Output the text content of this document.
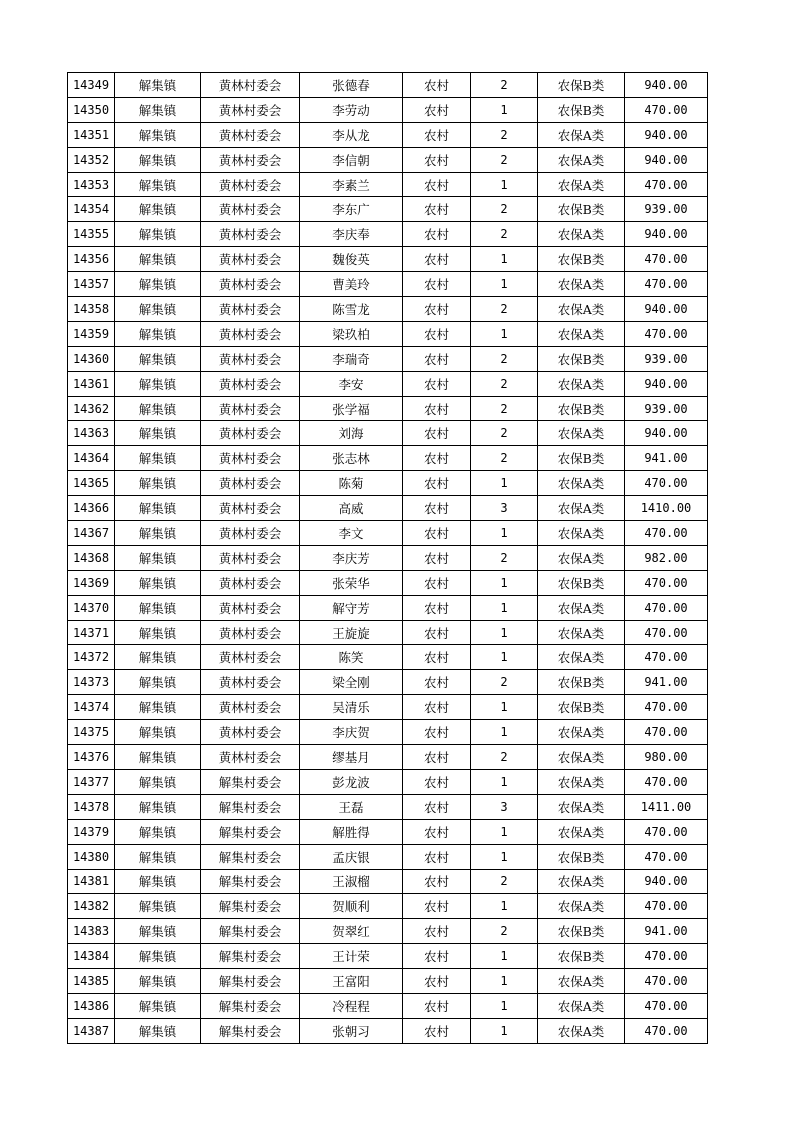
14349	解集镇	黄林村委会	张德春	农村	2	农保B类	940.00
14350	解集镇	黄林村委会	李劳动	农村	1	农保B类	470.00
14351	解集镇	黄林村委会	李从龙	农村	2	农保A类	940.00
14352	解集镇	黄林村委会	李信朝	农村	2	农保A类	940.00
14353	解集镇	黄林村委会	李素兰	农村	1	农保A类	470.00
14354	解集镇	黄林村委会	李东广	农村	2	农保B类	939.00
14355	解集镇	黄林村委会	李庆奉	农村	2	农保A类	940.00
14356	解集镇	黄林村委会	魏俊英	农村	1	农保B类	470.00
14357	解集镇	黄林村委会	曹美玲	农村	1	农保A类	470.00
14358	解集镇	黄林村委会	陈雪龙	农村	2	农保A类	940.00
14359	解集镇	黄林村委会	梁玖柏	农村	1	农保A类	470.00
14360	解集镇	黄林村委会	李瑞奇	农村	2	农保B类	939.00
14361	解集镇	黄林村委会	李安	农村	2	农保A类	940.00
14362	解集镇	黄林村委会	张学福	农村	2	农保B类	939.00
14363	解集镇	黄林村委会	刘海	农村	2	农保A类	940.00
14364	解集镇	黄林村委会	张志林	农村	2	农保B类	941.00
14365	解集镇	黄林村委会	陈菊	农村	1	农保A类	470.00
14366	解集镇	黄林村委会	高威	农村	3	农保A类	1410.00
14367	解集镇	黄林村委会	李文	农村	1	农保A类	470.00
14368	解集镇	黄林村委会	李庆芳	农村	2	农保A类	982.00
14369	解集镇	黄林村委会	张荣华	农村	1	农保B类	470.00
14370	解集镇	黄林村委会	解守芳	农村	1	农保A类	470.00
14371	解集镇	黄林村委会	王旋旋	农村	1	农保A类	470.00
14372	解集镇	黄林村委会	陈笑	农村	1	农保A类	470.00
14373	解集镇	黄林村委会	梁全刚	农村	2	农保B类	941.00
14374	解集镇	黄林村委会	吴清乐	农村	1	农保B类	470.00
14375	解集镇	黄林村委会	李庆贺	农村	1	农保A类	470.00
14376	解集镇	黄林村委会	缪基月	农村	2	农保A类	980.00
14377	解集镇	解集村委会	彭龙波	农村	1	农保A类	470.00
14378	解集镇	解集村委会	王磊	农村	3	农保A类	1411.00
14379	解集镇	解集村委会	解胜得	农村	1	农保A类	470.00
14380	解集镇	解集村委会	孟庆银	农村	1	农保B类	470.00
14381	解集镇	解集村委会	王淑榴	农村	2	农保A类	940.00
14382	解集镇	解集村委会	贺顺利	农村	1	农保A类	470.00
14383	解集镇	解集村委会	贺翠红	农村	2	农保B类	941.00
14384	解集镇	解集村委会	王计荣	农村	1	农保B类	470.00
14385	解集镇	解集村委会	王富阳	农村	1	农保A类	470.00
14386	解集镇	解集村委会	冷程程	农村	1	农保A类	470.00
14387	解集镇	解集村委会	张朝习	农村	1	农保A类	470.00
